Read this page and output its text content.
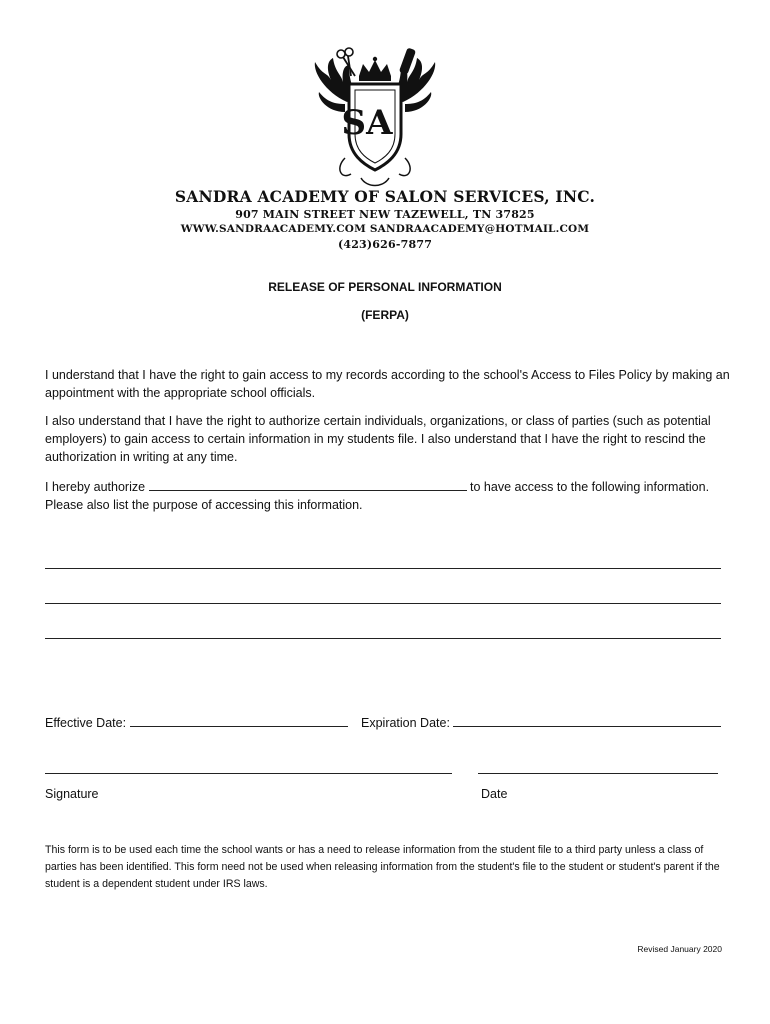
SA
SANDRA ACADEMY OF SALON SERVICES, INC.
907 MAIN STREET NEW TAZEWELL, TN 37825
WWW.SANDRAACADEMY.COM SANDRAACADEMY@HOTMAIL.COM
(423)626-7877
RELEASE OF PERSONAL INFORMATION
(FERPA)
I understand that I have the right to gain access to my records according to the school's Access to Files Policy by making an appointment with the appropriate school officials.
I also understand that I have the right to authorize certain individuals, organizations, or class of parties (such as potential employers) to gain access to certain information in my students file. I also understand that I have the right to rescind the authorization in writing at any time.
I hereby authorize	to have access to the following information.
Please also list the purpose of accessing this information.
Effective Date:	Expiration Date:
Signature	Date
This form is to be used each time the school wants or has a need to release information from the student file to a third party unless a class of parties has been identified. This form need not be used when releasing information from the student's file to the student or student's parent if the student is a dependent student under IRS laws.
Revised January 2020
